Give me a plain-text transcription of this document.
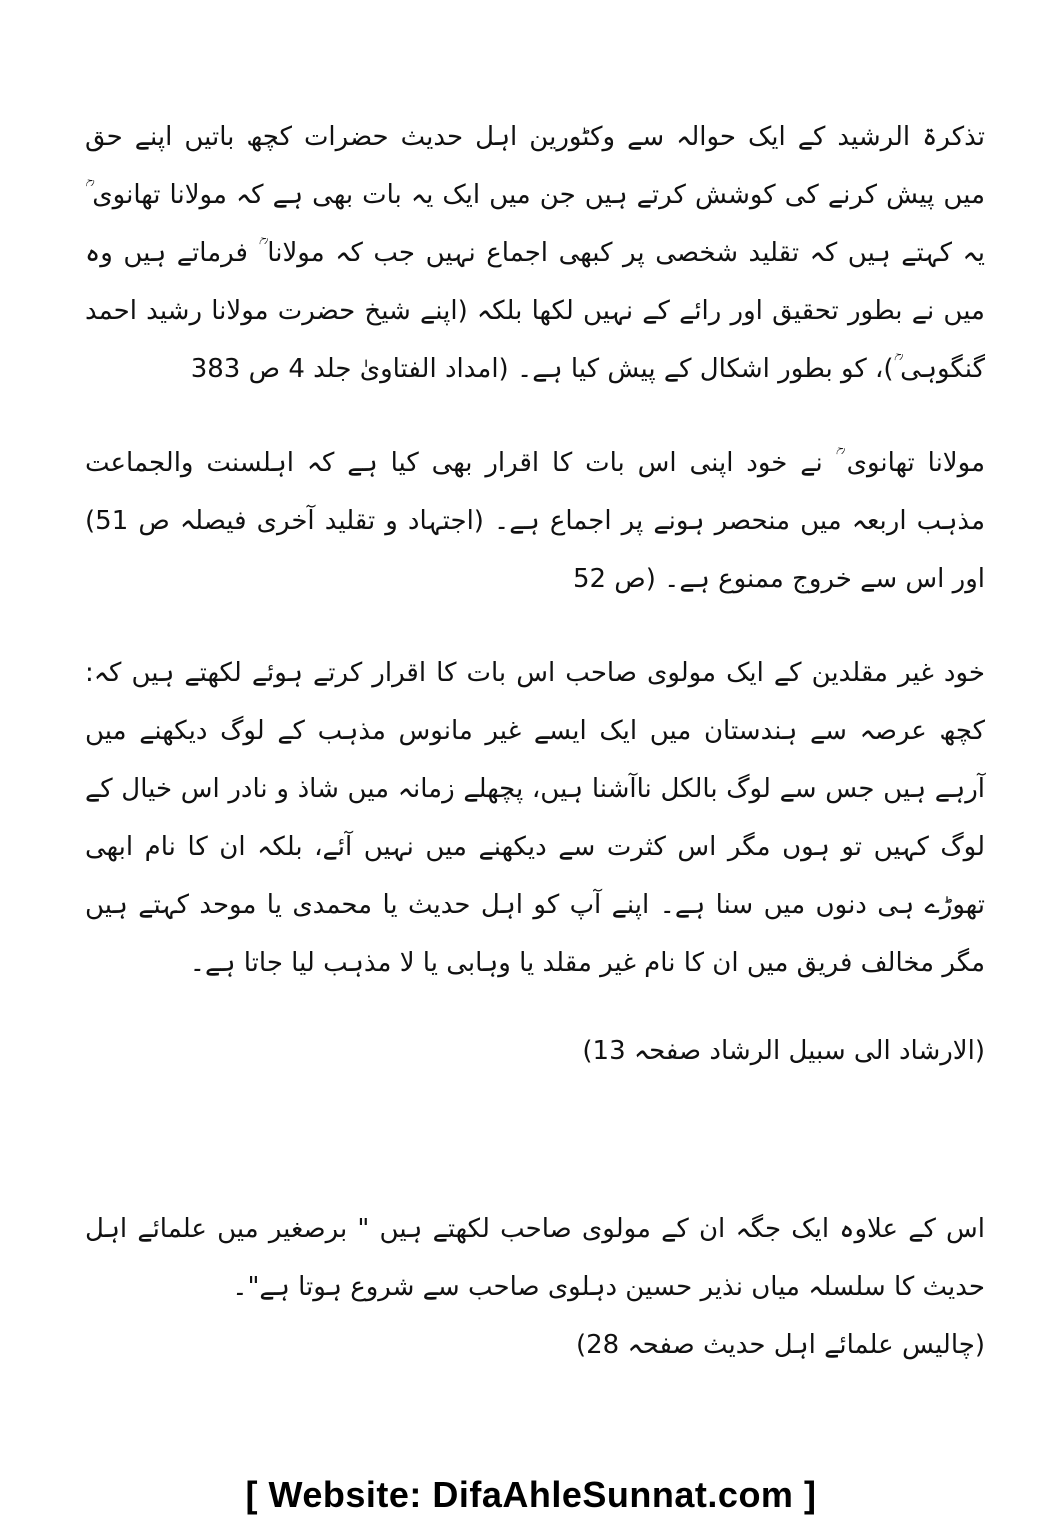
تذکرۃ الرشید کے ایک حوالہ سے وکٹورین اہل حدیث حضرات کچھ باتیں اپنے حق میں پیش کرنے کی کوشش کرتے ہیں جن میں ایک یہ بات بھی ہے کہ مولانا تھانوی ؒ یہ کہتے ہیں کہ تقلید شخصی پر کبھی اجماع نہیں جب کہ مولانا ؒ فرماتے ہیں وہ میں نے بطور تحقیق اور رائے کے نہیں لکھا بلکہ (اپنے شیخ حضرت مولانا رشید احمد گنگوہی ؒ)، کو بطور اشکال کے پیش کیا ہے۔ (امداد الفتاویٰ جلد 4 ص 383

مولانا تھانوی ؒ نے خود اپنی اس بات کا اقرار بھی کیا ہے کہ اہلسنت والجماعت مذہب اربعہ میں منحصر ہونے پر اجماع ہے۔ (اجتہاد و تقلید آخری فیصلہ ص 51) اور اس سے خروج ممنوع ہے۔ (ص 52

خود غیر مقلدین کے ایک مولوی صاحب اس بات کا اقرار کرتے ہوئے لکھتے ہیں کہ: کچھ عرصہ سے ہندستان میں ایک ایسے غیر مانوس مذہب کے لوگ دیکھنے میں آرہے ہیں جس سے لوگ بالکل ناآشنا ہیں، پچھلے زمانہ میں شاذ و نادر اس خیال کے لوگ کہیں تو ہوں مگر اس کثرت سے دیکھنے میں نہیں آئے، بلکہ ان کا نام ابھی تھوڑے ہی دنوں میں سنا ہے۔ اپنے آپ کو اہل حدیث یا محمدی یا موحد کہتے ہیں مگر مخالف فریق میں ان کا نام غیر مقلد یا وہابی یا لا مذہب لیا جاتا ہے۔

(الارشاد الی سبیل الرشاد صفحہ 13)

اس کے علاوہ ایک جگہ ان کے مولوی صاحب لکھتے ہیں " برصغیر میں علمائے اہل حدیث کا سلسلہ میاں نذیر حسین دہلوی صاحب سے شروع ہوتا ہے"۔

(چالیس علمائے اہل حدیث صفحہ 28)

[ Website: DifaAhleSunnat.com ]
